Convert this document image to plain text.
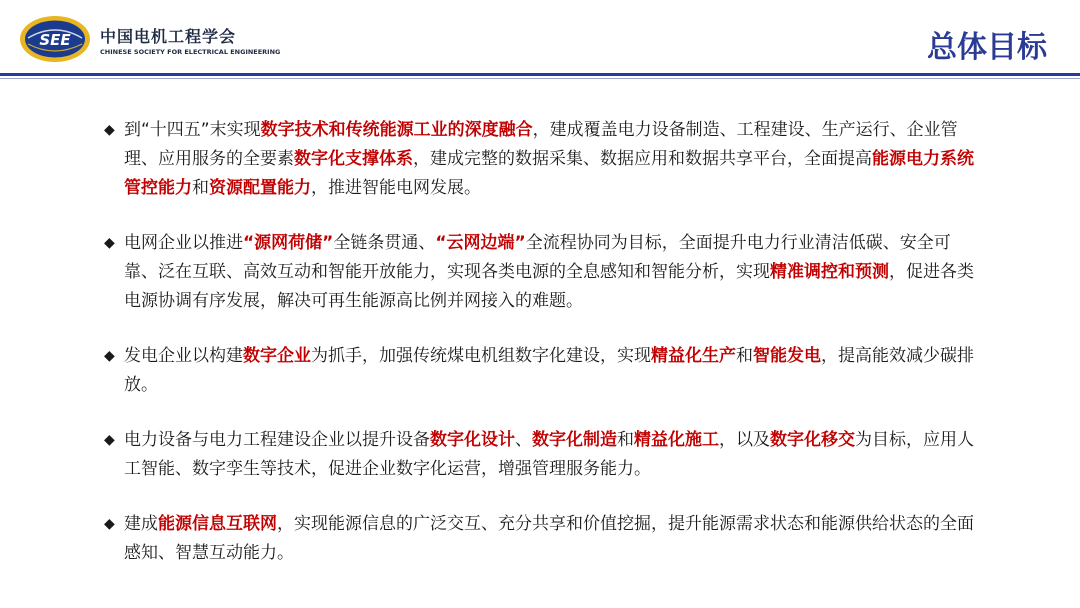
SEE 中国电机工程学会
CHINESE SOCIETY FOR ELECTRICAL ENGINEERING	总体目标
◆ 到“十四五”末实现数字技术和传统能源工业的深度融合，建成覆盖电力设备制造、工程建设、生产运行、企业管理、应用服务的全要素数字化支撑体系，建成完整的数据采集、数据应用和数据共享平台，全面提高能源电力系统管控能力和资源配置能力，推进智能电网发展。
◆ 电网企业以推进“源网荷储”全链条贯通、“云网边端”全流程协同为目标，全面提升电力行业清洁低碳、安全可靠、泛在互联、高效互动和智能开放能力，实现各类电源的全息感知和智能分析，实现精准调控和预测，促进各类电源协调有序发展，解决可再生能源高比例并网接入的难题。
◆ 发电企业以构建数字企业为抓手，加强传统煤电机组数字化建设，实现精益化生产和智能发电，提高能效减少碳排放。
◆ 电力设备与电力工程建设企业以提升设备数字化设计、数字化制造和精益化施工，以及数字化移交为目标，应用人工智能、数字孪生等技术，促进企业数字化运营，增强管理服务能力。
◆ 建成能源信息互联网，实现能源信息的广泛交互、充分共享和价值挖掘，提升能源需求状态和能源供给状态的全面感知、智慧互动能力。
